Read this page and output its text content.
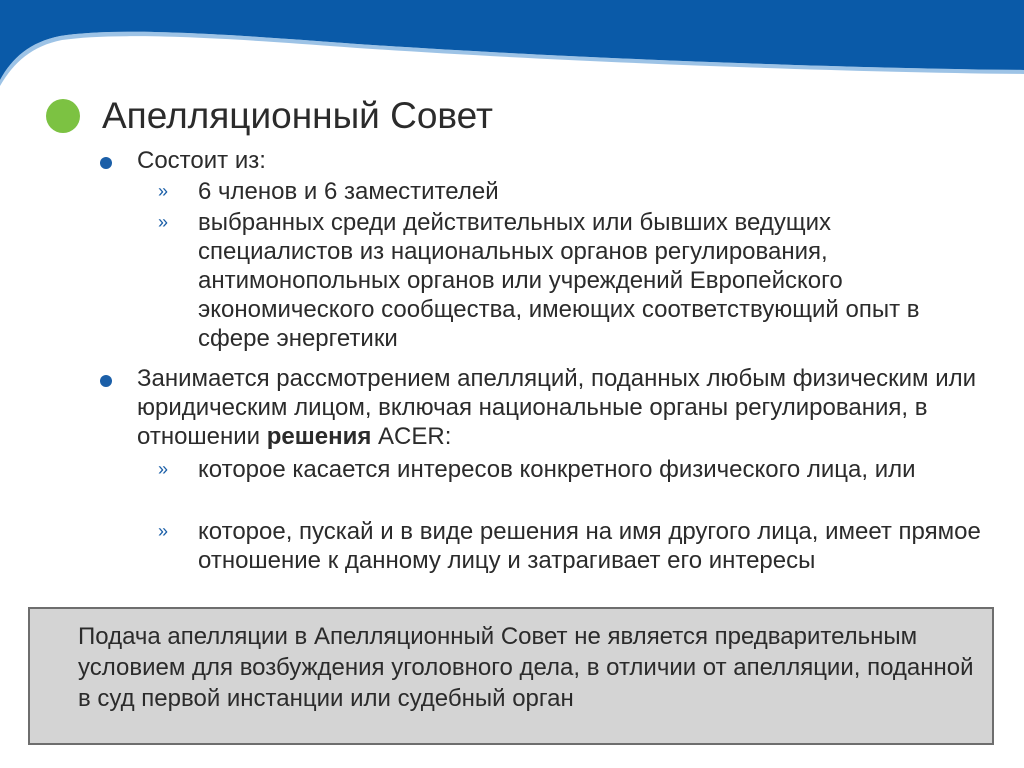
Апелляционный Совет
Состоит из:
» 6 членов и 6 заместителей
» выбранных среди действительных или бывших ведущих специалистов из национальных органов регулирования, антимонопольных органов или учреждений Европейского экономического сообщества, имеющих соответствующий опыт в сфере энергетики
Занимается рассмотрением апелляций, поданных любым физическим или юридическим лицом, включая национальные органы регулирования, в отношении решения ACER:
» которое касается интересов конкретного физического лица, или
» которое, пускай и в виде решения на имя другого лица, имеет прямое отношение к данному лицу и затрагивает его интересы
Подача апелляции в Апелляционный Совет не является предварительным условием для возбуждения уголовного дела, в отличии от апелляции, поданной в суд первой инстанции или судебный орган
